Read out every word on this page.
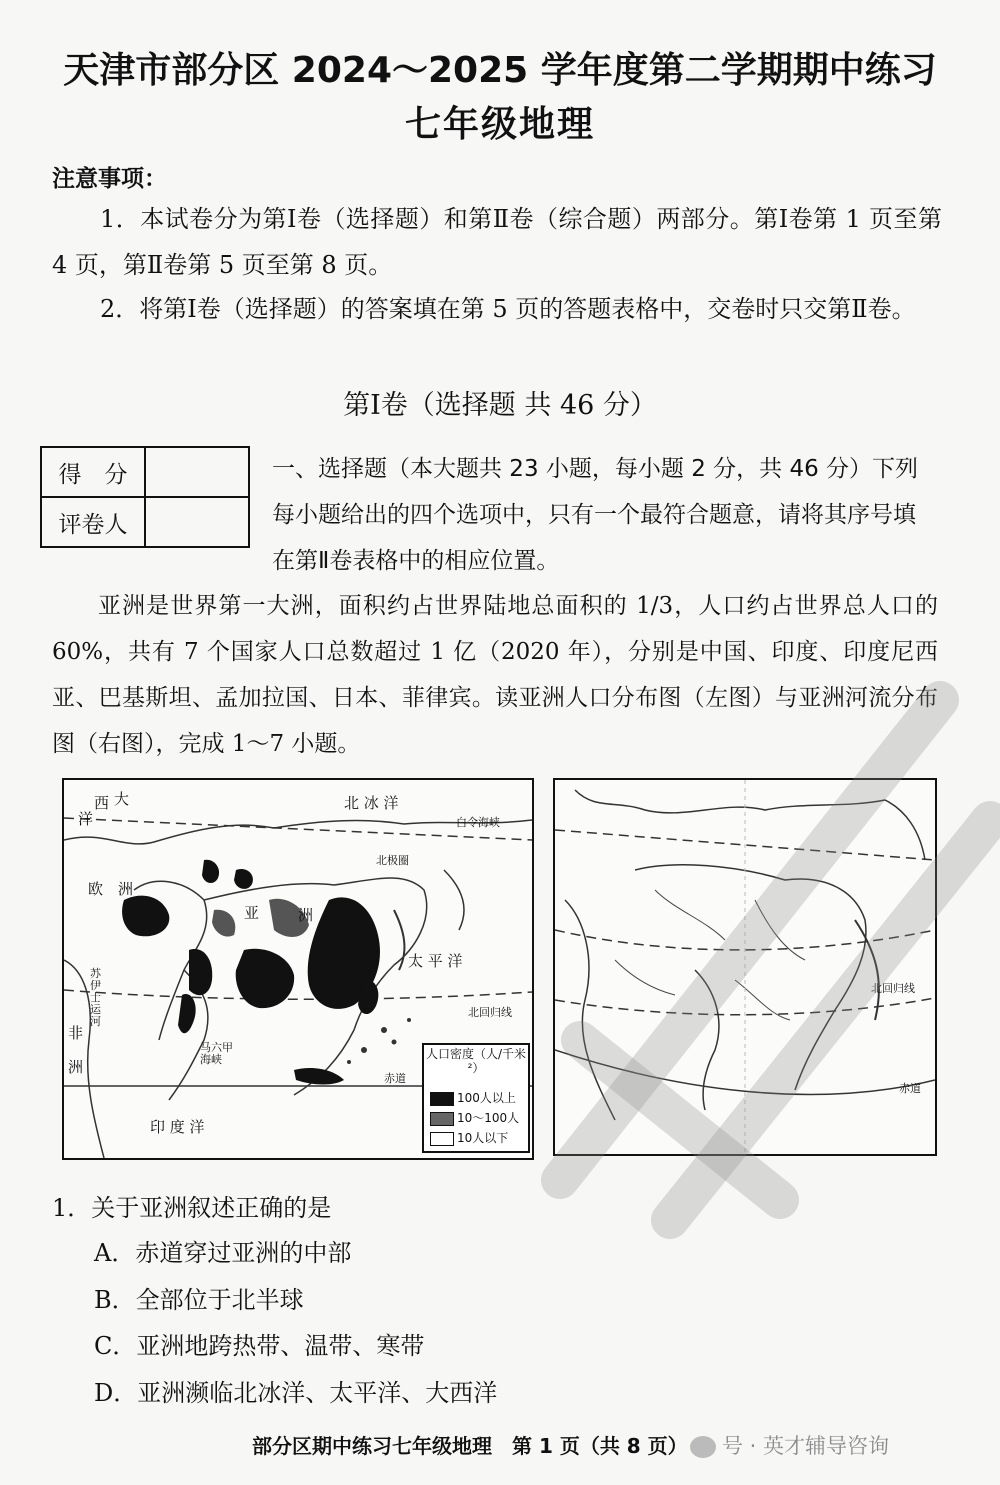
天津市部分区 2024～2025 学年度第二学期期中练习
七年级地理
注意事项：
1．本试卷分为第Ⅰ卷（选择题）和第Ⅱ卷（综合题）两部分。第Ⅰ卷第 1 页至第 4 页，第Ⅱ卷第 5 页至第 8 页。
2．将第Ⅰ卷（选择题）的答案填在第 5 页的答题表格中，交卷时只交第Ⅱ卷。
第Ⅰ卷（选择题 共 46 分）
得　分	
评卷人	
一、选择题（本大题共 23 小题，每小题 2 分，共 46 分）下列每小题给出的四个选项中，只有一个最符合题意，请将其序号填在第Ⅱ卷表格中的相应位置。
亚洲是世界第一大洲，面积约占世界陆地总面积的 1/3，人口约占世界总人口的 60%，共有 7 个国家人口总数超过 1 亿（2020 年），分别是中国、印度、印度尼西亚、巴基斯坦、孟加拉国、日本、菲律宾。读亚洲人口分布图（左图）与亚洲河流分布图（右图），完成 1～7 小题。
大
西
洋
北 冰 洋
白令海峡
北极圈
欧　洲
亚	洲
太 平 洋
北回归线
赤道
印 度 洋
马六甲海峡
非
洲
苏伊士运河
人口密度（人/千米²）
100人以上
10～100人
10人以下
北回归线
赤道
1．关于亚洲叙述正确的是
A．赤道穿过亚洲的中部
B．全部位于北半球
C．亚洲地跨热带、温带、寒带
D．亚洲濒临北冰洋、太平洋、大西洋
部分区期中练习七年级地理　第 1 页（共 8 页）	号 · 英才辅导咨询
